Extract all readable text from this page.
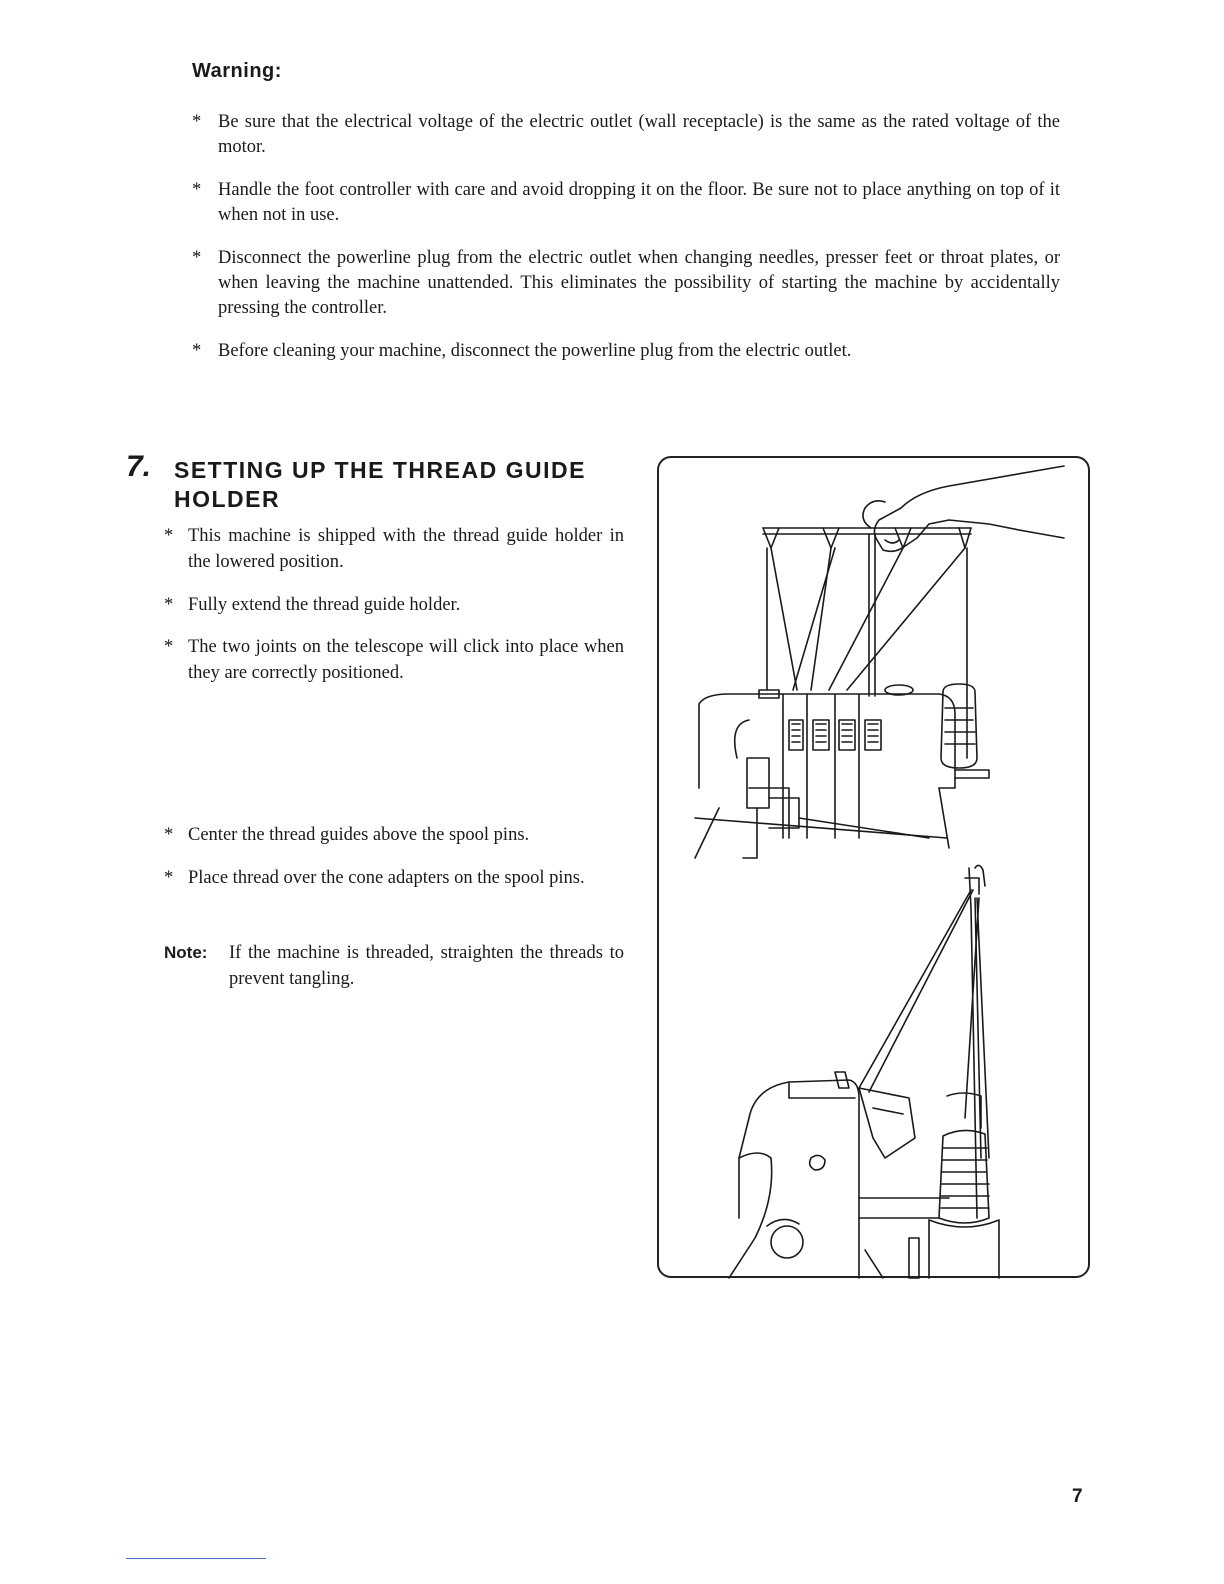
Warning:
* Be sure that the electrical voltage of the electric outlet (wall receptacle) is the same as the rated voltage of the motor.
* Handle the foot controller with care and avoid dropping it on the floor. Be sure not to place anything on top of it when not in use.
* Disconnect the powerline plug from the electric outlet when changing needles, presser feet or throat plates, or when leaving the machine unattended. This eliminates the possibility of starting the machine by accidentally pressing the controller.
* Before cleaning your machine, disconnect the powerline plug from the electric outlet.
7. SETTING UP THE THREAD GUIDE HOLDER
* This machine is shipped with the thread guide holder in the lowered position.
* Fully extend the thread guide holder.
* The two joints on the telescope will click into place when they are correctly positioned.
* Center the thread guides above the spool pins.
* Place thread over the cone adapters on the spool pins.
Note: If the machine is threaded, straighten the threads to prevent tangling.
7
